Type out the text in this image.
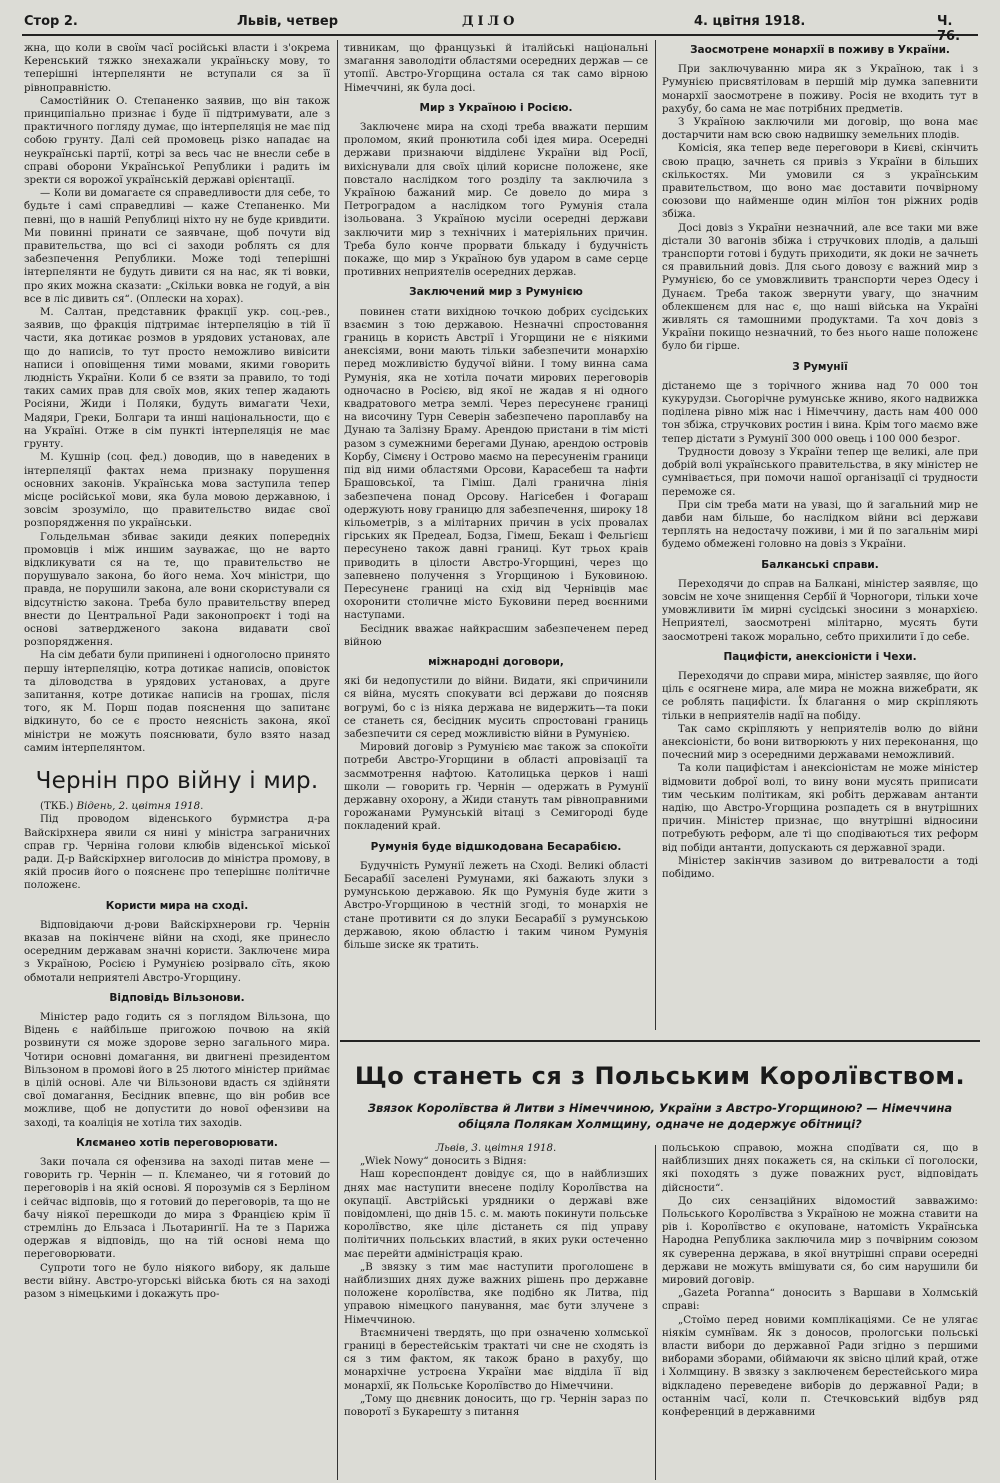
Стор 2.	Львів, четвер	ДІЛО	4. цвітня 1918.	Ч. 76.

жна, що коли в своїм часї російські власти і з'окрема Керенський тяжко знехажали україньску мову, то теперішні інтерпелянти не вступали ся за її рівноправністю.

Самостійник О. Степаненко заявив, що він також принципіально признає і буде її підтримувати, але з практичного погляду думає, що інтерпеляція не має під собою грунту. Далі сей промовець рiзко нападає на неукраїнські партії, котрі за весь час не внесли себе в справі оборони Української Републики і радить ім зректи ся ворожої українській державі орієнтації.

— Коли ви домагаєте ся справедливости для себе, то будьте і самі справедливі — каже Степаненко. Ми певні, що в нашій Републиці ніхто ну не буде кривдити. Ми повинні принати се заявчане, щоб почути від правительства, що всі сі заходи роблять ся для забезпечення Републики. Може тоді теперішні інтерпелянти не будуть дивити ся на нас, як ті вовки, про яких можна сказати: „Скільки вовка не годуй, а він все в ліс дивить ся“. (Оплески на хорах).

М. Салтан, представник фракції укр. соц.-рев., заявив, що фракція підтримає інтерпеляцію в тій її части, яка дотикає розмов в урядових установах, але що до написів, то тут просто неможливо вивісити написи і оповіщення тими мовами, якими говорить людність України. Коли б се взяти за правило, то тоді таких самих прав для своїх мов, яких тепер жадають Росіяни, Жиди і Поляки, будуть вимагати Чехи, Мадяри, Греки, Болгари та инші національности, що є на Україні. Отже в сім пункті інтерпеляція не має грунту.

М. Кушнір (соц. фед.) доводив, що в наведених в інтерпеляції фактах нема признаку порушення основних законів. Українська мова заступила тепер місце російської мови, яка була мовою державною, і зовсім зрозуміло, що правительство видає свої розпорядження по українськи.

Гольдельман збиває закиди деяких попередніх промовців і між иншим зауважає, що не варто відкликувати ся на те, що правительство не порушувало закона, бо його нема. Хоч міністри, що правда, не порушили закона, але вони скористували ся відсутністю закона. Треба було правительству вперед внести до Центральної Ради законопроєкт і тоді на основі затвердженого закона видавати свої розпорядження.

На сім дебати були припинені і одноголосно принято першу інтерпеляцію, котра дотикає написів, оповісток та діловодства в урядових установах, а друге запитання, котре дотикає написів на грошах, після того, як М. Порш подав пояснення що запитанє відкинуто, бо се є просто неясність закона, якої міністри не можуть пояснювати, було взято назад самим інтерпелянтом.

Чернін про війну і мир.

(ТКБ.) Відень, 2. цвітня 1918.

Під проводом віденського бурмистра д-ра Вайскірхнера явили ся нині у міністра заграничних справ гр. Черніна голови клюбів віденської міської ради. Д-р Вайскірхнер виголосив до міністра промову, в якій просив його о поясненє про теперішнє політичне положенє.

Користи мира на сході.

Відповідаючи д-рови Вайскірхнерови гр. Чернін вказав на покінченє війни на сході, яке принесло осередним державам значні користи. Заключенє мира з Україною, Росією і Румунією розірвало сїть, якою обмотали неприятелі Австро-Угорщину.

Відповідь Вільзонови.

Міністер радо годить ся з поглядом Вільзона, що Відень є найбільше пригожою почвою на якій розвинути ся може здорове зерно загального мира. Чотири основні домагання, ви двигнені президентом Вільзоном в промові його в 25 лютого міністер приймає в цілій основі. Але чи Вільзонови вдасть ся здійняти свої домагання, Бесідник впевнє, що він робив все можливе, щоб не допустити до нової офензиви на заході, та коаліція не хотіла тих заходів.

Клєманео хотів переговорювати.

Заки почала ся офензива на заході питав мене — говорить гр. Чернін — п. Клєманео, чи я готовий до переговорів і на якій основі. Я порозумів ся з Берліном і сейчас відповів, що я готовий до переговорів, та що не бачу ніякої перешкоди до мира з Францією крім її стремлінь до Ельзаса і Льотарингії. На те з Парижа одержав я відповідь, що на тій основі нема що переговорювати.

Супроти того не було ніякого вибору, як дальше вести війну. Австро-угорські війська бють ся на заході разом з німецькими і докажуть про-

тивникам, що французькі й італійські національні змагання заволодіти областями осередних держав — се утопії. Австро-Угорщина остала ся так само вірною Німеччині, як була досі.

Мир з Україною і Росією.

Заключенє мира на сході треба вважати першим проломом, який пронютила собі ідея мира. Осередні держави признаючи відділенє України від Росії, вихіснували для своїх цілий корисне положенє, яке повстало наслідком того розділу та заключила з Україною бажаний мир. Се довело до мира з Петроградом а наслідком того Румунія стала ізольована. З Україною мусіли осередні держави заключити мир з технічних і матеріяльних причин. Треба було конче прорвати блькаду і будучність покаже, що мир з Україною був ударом в саме серце противних неприятелів осередних держав.

Заключений мир з Румунією

повинен стати вихідною точкою добрих сусідських взаємин з тою державою. Незначні спростовання границь в користь Австрії і Угорщини не є ніякими анексіями, вони мають тільки забезпечити монархію перед можливістю будучої війни. І тому винна сама Румунія, яка не хотіла почати мирових переговорів одночасно в Росією, від якої не жадав я ні одного квадратового метра землі. Через пересуненє границі на височину Турн Северін забезпечено пароплавбу на Дунаю та Залізну Браму. Арендою пристани в тім місті разом з сумежними берегами Дунаю, арендою островів Корбу, Сімєну і Острово маємо на пересуненім граници під від ними областями Орсови, Карасебеш та нафти Брашовської, та Гіміш. Далі гранична лінія забезпечена понад Орсову. Нагісебен і Фогараш одержують нову границю для забезпечення, широку 18 кільометрів, з а мілітарних причин в усіх провалах гірських як Предеал, Бодза, Гімеш, Бекаш і Фельгієш пересунено також давні границі. Кут трьох краів приводить в цілости Австро-Угорщині, через що запевнено получення з Угорщиною і Буковиною. Пересуненє границі на схід від Чернівців має охоронити столичне місто Буковини перед воєнними наступами.

Бесідник вважає найкрасшим забезпеченем перед війною

міжнародні договори,

які би недопустили до війни. Видати, які спричинили ся війна, мусять спокувати всі держави до поясняв вогрумі, бо с із ніяка держава не видержить—та поки се станеть ся, бесідник мусить спростовані границь забезпечити ся серед можливістю війни в Румунією.

Мировий договір з Румунією має також за спокоїти потреби Австро-Угорщини в області апровізації та засммотрення нафтою. Католицька церков і наші школи — говорить гр. Чернін — одержать в Румунії державну охорону, а Жиди стануть там рівноправними горожанами Румунській вітаці з Семигороді буде покладений край.

Румунія буде відшкодована Бесарабією.

Будучність Румунії лежеть на Сході. Великі області Бесарабії заселені Румунами, які бажають злуки з румунською державою. Як що Румунія буде жити з Австро-Угорщиною в честній згоді, то монархія не стане противити ся до злуки Бесарабії з румунською державою, якою областю і таким чином Румунія більше зиске як тратить.

Заосмотрене монархії в поживу в України.

При заключуванню мира як з Україною, так і з Румунією присвятіловам в першій мір думка запевнити монархії заосмотрене в поживу. Росія не входить тут в рахубу, бо сама не має потрібних предметів.

З Україною заключили ми договір, що вона має достарчити нам всю свою надвишку земельних плодів.

Комісія, яка тепер веде переговори в Києві, скінчить свою працю, зачнеть ся привіз з України в більших скількостях. Ми умовили ся з українським правительством, що воно має доставити почвірному союзови що найменше один мілїон тон ріжних родів збіжа.

Досі довіз з України незначний, але все таки ми вже дістали 30 вагонів збіжа і стручкових плодів, а дальші транспорти готові і будуть приходити, як доки не зачнеть ся правильний довіз. Для сього довозу є важний мир з Румунією, бо се умовжливить транспорти через Одесу і Дунаєм. Треба також звернути увагу, що значним облекшенєм для нас є, що наші війська на Україні живлять ся тамошними продуктами. Та хоч довіз з України покищо незначний, то без нього наше положенє було би гірше.

З Румунії

дістанемо ще з торічного жнива над 70 000 тон кукурудзи. Сьогорічне румунське жниво, якого надвижка поділена рівно між нас і Німеччину, дасть нам 400 000 тон збіжа, стручкових ростин і вина. Крім того маємо вже тепер дістати з Румунії 300 000 овець і 100 000 безрог.

Трудности довозу з України тепер ще великі, але при добрій волі українського правительства, в яку міністер не сумнівається, при помочи нашої організації сі трудности переможе ся.

При сім треба мати на увазі, що й загальний мир не давби нам більше, бо наслідком війни всі держави терплять на недостачу поживи, і ми й по загальнім мирі будемо обмежені головно на довіз з України.

Балканські справи.

Переходячи до справ на Балкані, міністер заявляє, що зовсім не хоче знищення Сербії й Чорногори, тільки хоче умовжливити їм мирні сусідські зносини з монархією. Неприятелі, заосмотрені мілітарно, мусять бути заосмотрені також морально, себто прихилити ї до себе.

Пацифісти, анексіоністи і Чехи.

Переходячи до справи мира, міністер заявляє, що його ціль є осягнене мира, але мира не можна вижебрати, як се роблять пацифісти. Їх благання о мир скріпляють тільки в неприятелів надії на побіду.

Так само скріпляють у неприятелів волю до війни анексіоністи, бо вони витворюють у них переконання, що почесний мир з осередними державами неможливий.

Та коли пацифістам і анексіоністам не може міністер відмовити доброї волі, то вину вони мусять приписати тим чеським політикам, які робіть державам антанти надію, що Австро-Угорщина розпадеть ся в внутрішних причин. Міністер признає, що внутрішні відносини потребують реформ, але ті що сподіваються тих реформ від побіди антанти, допускають ся державної зради.

Міністер закінчив зазивом до витревалости а тоді побідимо.

Що станеть ся з Польським Королївством.
Звязок Королївства й Литви з Німеччиною, України з Австро-Угорщиною? — Німеччина обіцяла Полякам Холмщину, одначе не додержує обітниці?

Львів, 3. цвітня 1918.

„Wiek Nowy“ доносить з Відня:

Наш кореспондент довідує ся, що в найблизших днях має наступити внесене поділу Королївства на окупації. Австрійські урядники о державі вже повідомлені, що днів 15. с. м. мають покинути польське королївство, яке цілє дістанеть ся під управу політичних польських властий, в яких руки остеченно має перейти адміністрація краю.

„В звязку з тим має наступити проголошенє в найблизших днях дуже важних рішень про державне положене королївства, яке подібно як Литва, під управою німецкого панування, має бути злучене з Німеччиною.

Втаємничені твердять, що при означеню холмської границі в берестейськім трактаті чи сне не сходять із ся з тим фактом, як також брано в рахубу, що монархічне устроєна України має відділа її від монархії, як Польське Королївство до Німеччини.

„Тому що днєвник доносить, що гр. Чернін зараз по поворотї з Букарешту з питання

польською справою, можна сподївати ся, що в найблизших днях покажеть ся, на скільки сї поголоски, які походять з дуже поважних руст, відповідать дійсности“.

До сих сензаційних відомостий завважимо: Польського Королївства з Україною не можна ставити на рів і. Королївство є окуповане, натомість Українська Народна Република заключила мир з почвірним союзом як суверенна держава, в якої внутрішні справи осередні держави не можуть вмішувати ся, бо сим нарушили би мировий договір.

„Gazeta Poranna“ доносить з Варшави в Холмській справі:

„Стоїмо перед новими комплікаціями. Се не улягає ніякім сумнївам. Як з доносов, прологськи польські власти вибори до державної Ради згідно з першими виборами зборами, обіймаючи як звісно цілий край, отже і Холмщину. В звязку з заключенєм берестейського мира відкладено переведене виборів до державної Ради; в останнім часї, коли п. Стечковський відбув ряд конференций в державними
